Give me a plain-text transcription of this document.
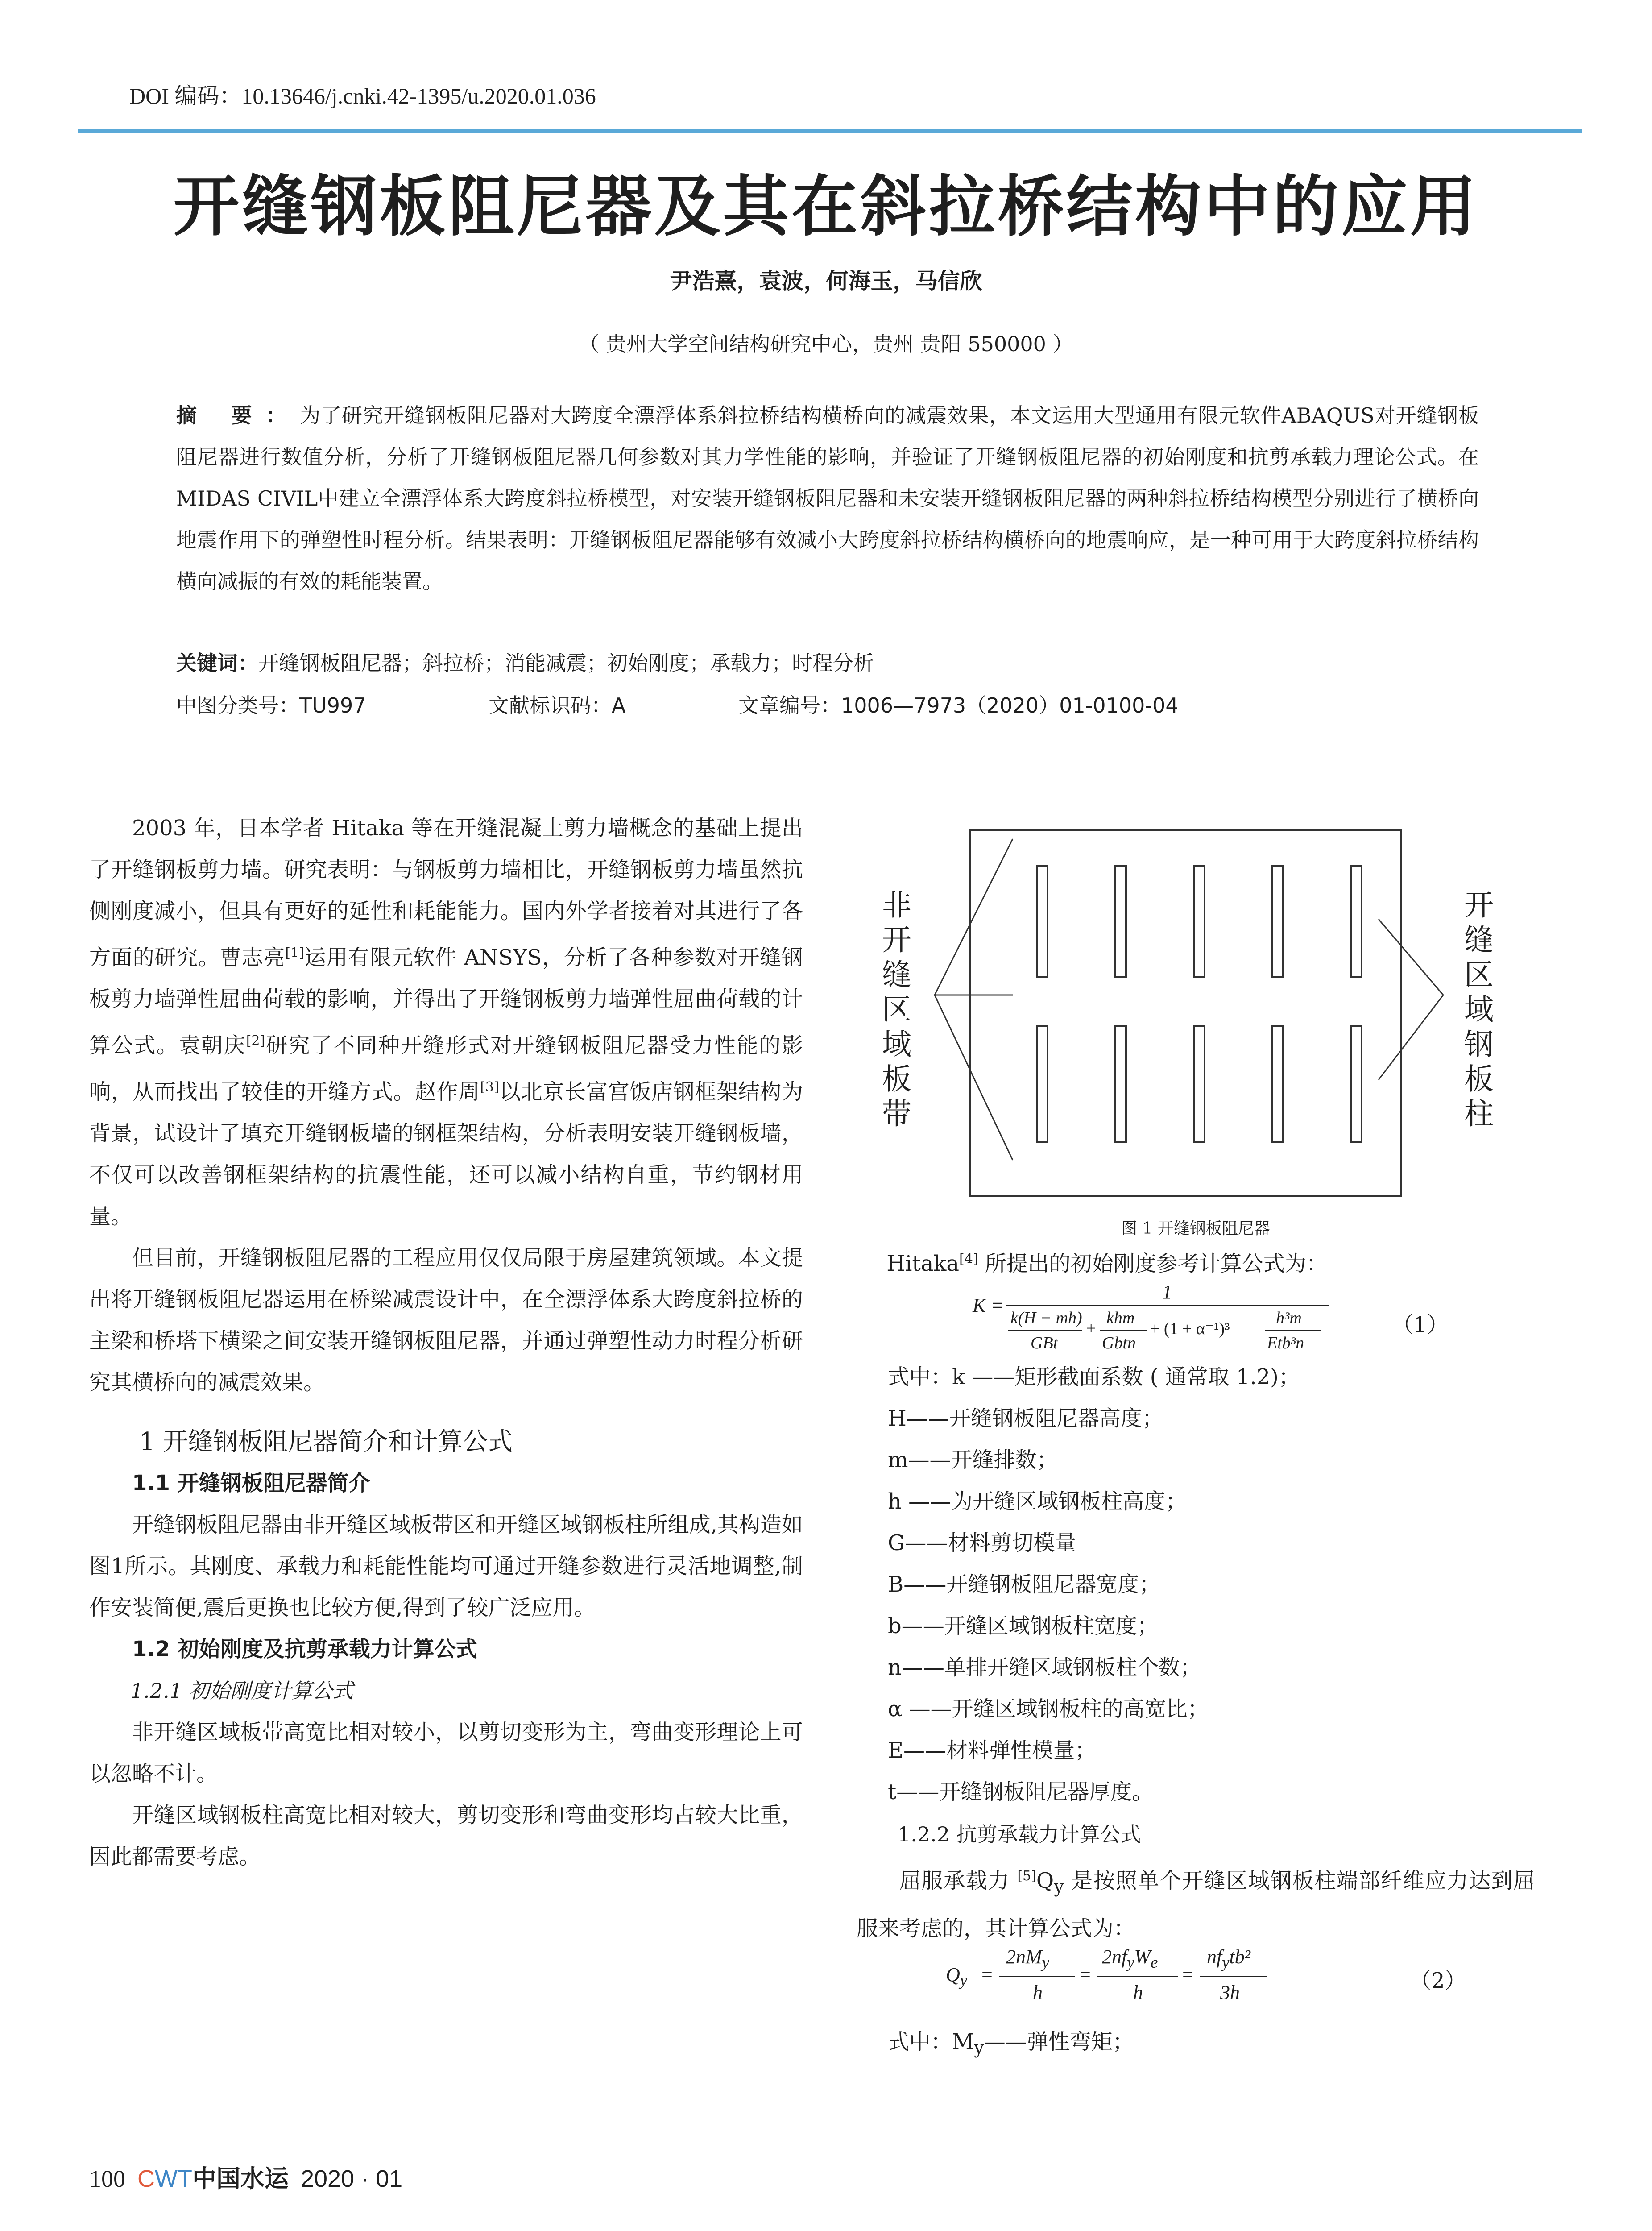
DOI 编码：10.13646/j.cnki.42-1395/u.2020.01.036
开缝钢板阻尼器及其在斜拉桥结构中的应用
尹浩熹，袁波，何海玉，马信欣
（ 贵州大学空间结构研究中心，贵州 贵阳 550000 ）
摘 要：为了研究开缝钢板阻尼器对大跨度全漂浮体系斜拉桥结构横桥向的减震效果，本文运用大型通用有限元软件ABAQUS对开缝钢板阻尼器进行数值分析，分析了开缝钢板阻尼器几何参数对其力学性能的影响，并验证了开缝钢板阻尼器的初始刚度和抗剪承载力理论公式。在MIDAS CIVIL中建立全漂浮体系大跨度斜拉桥模型，对安装开缝钢板阻尼器和未安装开缝钢板阻尼器的两种斜拉桥结构模型分别进行了横桥向地震作用下的弹塑性时程分析。结果表明：开缝钢板阻尼器能够有效减小大跨度斜拉桥结构横桥向的地震响应，是一种可用于大跨度斜拉桥结构横向减振的有效的耗能装置。
关键词：开缝钢板阻尼器；斜拉桥；消能减震；初始刚度；承载力；时程分析
中图分类号：TU997	文献标识码：A	文章编号：1006—7973（2020）01-0100-04

2003 年，日本学者 Hitaka 等在开缝混凝土剪力墙概念的基础上提出了开缝钢板剪力墙。研究表明：与钢板剪力墙相比，开缝钢板剪力墙虽然抗侧刚度减小，但具有更好的延性和耗能能力。国内外学者接着对其进行了各方面的研究。曹志亮[1]运用有限元软件 ANSYS，分析了各种参数对开缝钢板剪力墙弹性屈曲荷载的影响，并得出了开缝钢板剪力墙弹性屈曲荷载的计算公式。袁朝庆[2]研究了不同种开缝形式对开缝钢板阻尼器受力性能的影响，从而找出了较佳的开缝方式。赵作周[3]以北京长富宫饭店钢框架结构为背景，试设计了填充开缝钢板墙的钢框架结构，分析表明安装开缝钢板墙，不仅可以改善钢框架结构的抗震性能，还可以减小结构自重，节约钢材用量。

但目前，开缝钢板阻尼器的工程应用仅仅局限于房屋建筑领域。本文提出将开缝钢板阻尼器运用在桥梁减震设计中，在全漂浮体系大跨度斜拉桥的主梁和桥塔下横梁之间安装开缝钢板阻尼器，并通过弹塑性动力时程分析研究其横桥向的减震效果。

1 开缝钢板阻尼器简介和计算公式

1.1 开缝钢板阻尼器简介

开缝钢板阻尼器由非开缝区域板带区和开缝区域钢板柱所组成,其构造如图1所示。其刚度、承载力和耗能性能均可通过开缝参数进行灵活地调整,制作安装简便,震后更换也比较方便,得到了较广泛应用。

1.2 初始刚度及抗剪承载力计算公式

1.2.1 初始刚度计算公式

非开缝区域板带高宽比相对较小，以剪切变形为主，弯曲变形理论上可以忽略不计。

开缝区域钢板柱高宽比相对较大，剪切变形和弯曲变形均占较大比重，因此都需要考虑。

非开缝区域板带
开缝区域钢板柱
图 1 开缝钢板阻尼器

Hitaka[4] 所提出的初始刚度参考计算公式为：

K =
1
k(H − mh)
GBt
+
khm
Gbtn
+ (1 + α⁻¹)³
h³m
Etb³n
（1）

式中：k ——矩形截面系数 ( 通常取 1.2)；

H——开缝钢板阻尼器高度；

m——开缝排数；

h ——为开缝区域钢板柱高度；

G——材料剪切模量

B——开缝钢板阻尼器宽度；

b——开缝区域钢板柱宽度；

n——单排开缝区域钢板柱个数；

α ——开缝区域钢板柱的高宽比；

E——材料弹性模量；

t——开缝钢板阻尼器厚度。

1.2.2 抗剪承载力计算公式

屈服承载力 $[5]Q_y$ 是按照单个开缝区域钢板柱端部纤维应力达到屈服来考虑的，其计算公式为：

$Q_y$ =
$2nM_y$
h
=
$2nf_yW_e$
h
=
$nf_ytb^2$
3h	（2）

式中：$M_y——$弹性弯矩；

100 CWT中国水运 2020 · 01
